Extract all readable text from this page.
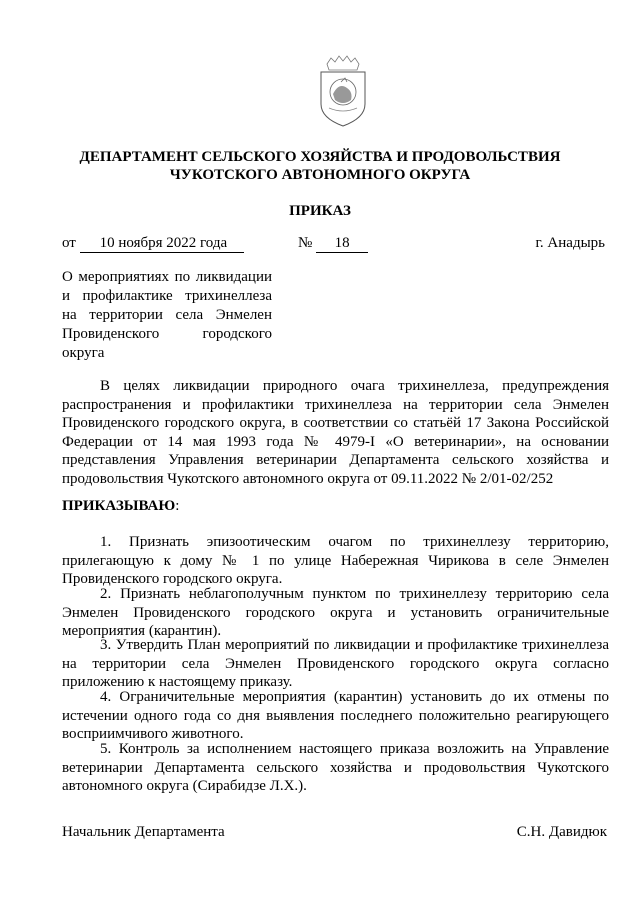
ДЕПАРТАМЕНТ СЕЛЬСКОГО ХОЗЯЙСТВА И ПРОДОВОЛЬСТВИЯ
ЧУКОТСКОГО АВТОНОМНОГО ОКРУГА
ПРИКАЗ
от 10 ноября 2022 года	№ 18	г. Анадырь
О мероприятиях по ликвидации
и профилактике трихинеллеза
на территории села Энмелен
Провиденского городского
округа
В целях ликвидации природного очага трихинеллеза, предупреждения распространения и профилактики трихинеллеза на территории села Энмелен Провиденского городского округа, в соответствии со статьёй 17 Закона Российской Федерации от 14 мая 1993 года № 4979-I «О ветеринарии», на основании представления Управления ветеринарии Департамента сельского хозяйства и продовольствия Чукотского автономного округа от 09.11.2022 № 2/01-02/252
ПРИКАЗЫВАЮ:
1. Признать эпизоотическим очагом по трихинеллезу территорию, прилегающую к дому № 1 по улице Набережная Чирикова в селе Энмелен Провиденского городского округа.
2. Признать неблагополучным пунктом по трихинеллезу территорию села Энмелен Провиденского городского округа и установить ограничительные мероприятия (карантин).
3. Утвердить План мероприятий по ликвидации и профилактике трихинеллеза на территории села Энмелен Провиденского городского округа согласно приложению к настоящему приказу.
4. Ограничительные мероприятия (карантин) установить до их отмены по истечении одного года со дня выявления последнего положительно реагирующего восприимчивого животного.
5. Контроль за исполнением настоящего приказа возложить на Управление ветеринарии Департамента сельского хозяйства и продовольствия Чукотского автономного округа (Сирабидзе Л.Х.).
Начальник Департамента	С.Н. Давидюк
